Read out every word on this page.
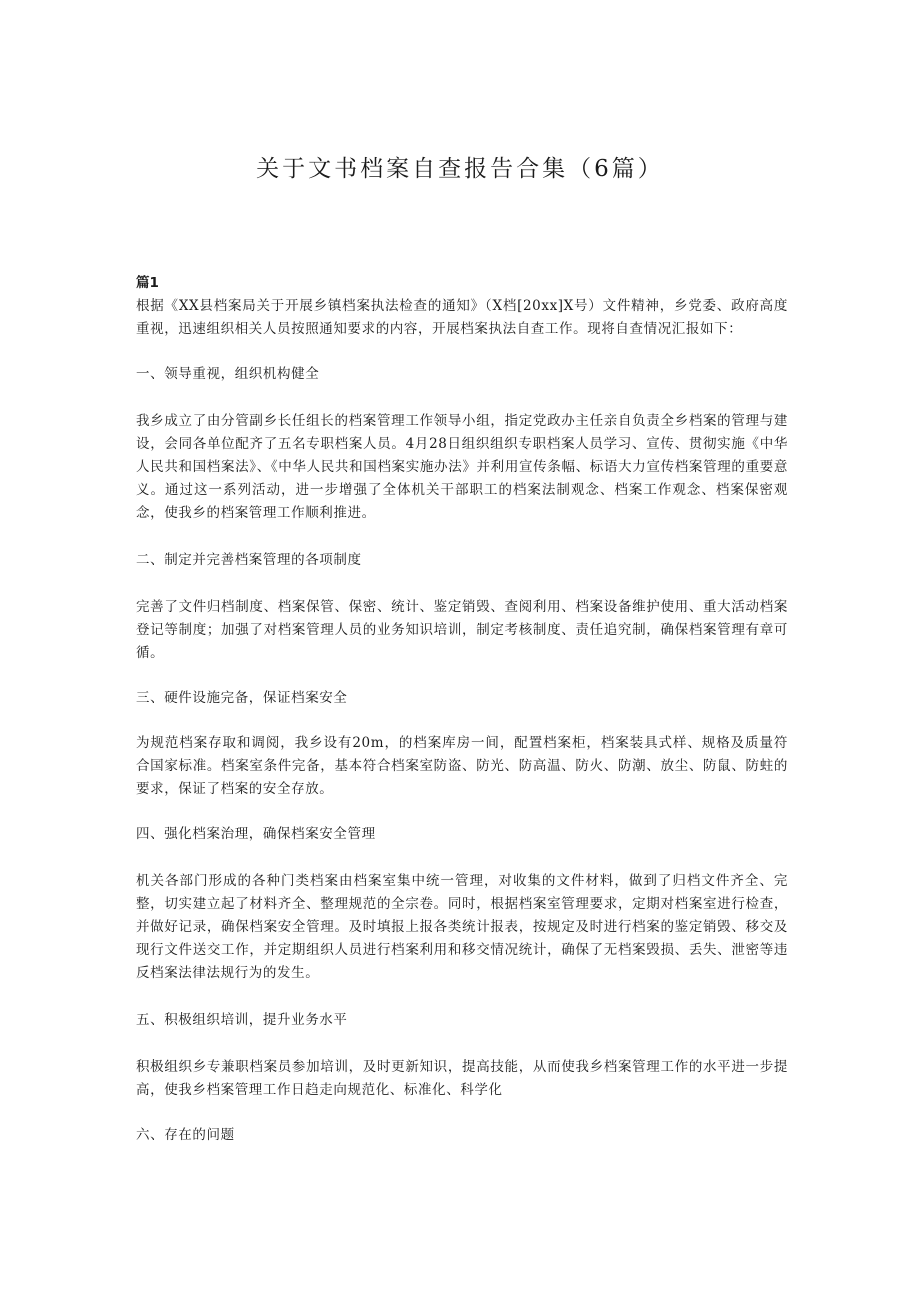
关于文书档案自查报告合集（6篇）

篇1

根据《XX县档案局关于开展乡镇档案执法检查的通知》（X档[20xx]X号）文件精神，乡党委、政府高度重视，迅速组织相关人员按照通知要求的内容，开展档案执法自查工作。现将自查情况汇报如下：

一、领导重视，组织机构健全

我乡成立了由分管副乡长任组长的档案管理工作领导小组，指定党政办主任亲自负责全乡档案的管理与建设，会同各单位配齐了五名专职档案人员。4月28日组织组织专职档案人员学习、宣传、贯彻实施《中华人民共和国档案法》、《中华人民共和国档案实施办法》并利用宣传条幅、标语大力宣传档案管理的重要意义。通过这一系列活动，进一步增强了全体机关干部职工的档案法制观念、档案工作观念、档案保密观念，使我乡的档案管理工作顺利推进。

二、制定并完善档案管理的各项制度

完善了文件归档制度、档案保管、保密、统计、鉴定销毁、查阅利用、档案设备维护使用、重大活动档案登记等制度；加强了对档案管理人员的业务知识培训，制定考核制度、责任追究制，确保档案管理有章可循。

三、硬件设施完备，保证档案安全

为规范档案存取和调阅，我乡设有20m，的档案库房一间，配置档案柜，档案装具式样、规格及质量符合国家标准。档案室条件完备，基本符合档案室防盗、防光、防高温、防火、防潮、放尘、防鼠、防蛀的要求，保证了档案的安全存放。

四、强化档案治理，确保档案安全管理

机关各部门形成的各种门类档案由档案室集中统一管理，对收集的文件材料，做到了归档文件齐全、完整，切实建立起了材料齐全、整理规范的全宗卷。同时，根据档案室管理要求，定期对档案室进行检查，并做好记录，确保档案安全管理。及时填报上报各类统计报表，按规定及时进行档案的鉴定销毁、移交及现行文件送交工作，并定期组织人员进行档案利用和移交情况统计，确保了无档案毁损、丢失、泄密等违反档案法律法规行为的发生。

五、积极组织培训，提升业务水平

积极组织乡专兼职档案员参加培训，及时更新知识，提高技能，从而使我乡档案管理工作的水平进一步提高，使我乡档案管理工作日趋走向规范化、标准化、科学化

六、存在的问题
